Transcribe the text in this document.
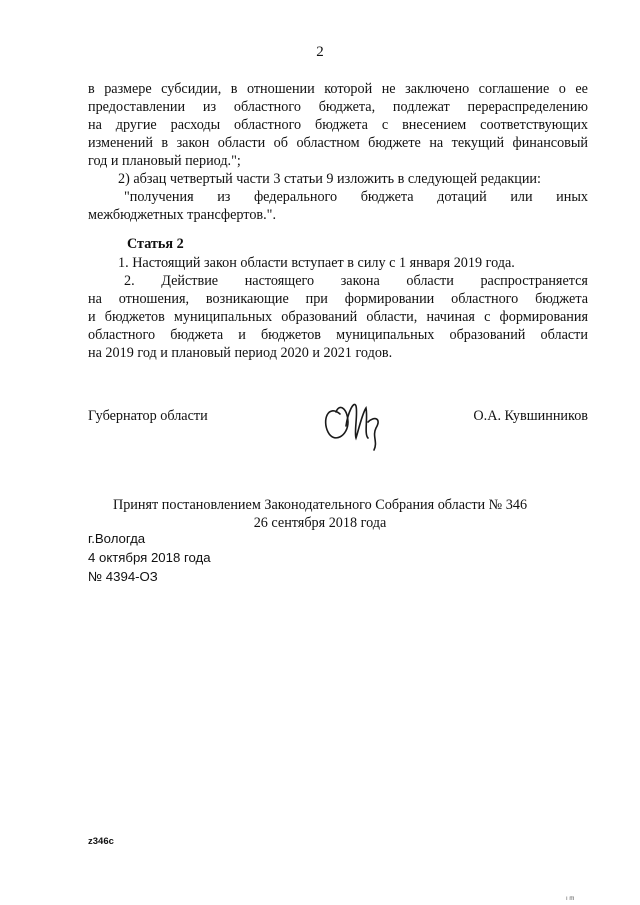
2

в размере субсидии, в отношении которой не заключено соглашение о ее

предоставлении из областного бюджета, подлежат перераспределению

на другие расходы областного бюджета с внесением соответствующих

изменений в закон области об областном бюджете на текущий финансовый

год и плановый период.";

2) абзац четвертый части 3 статьи 9 изложить в следующей редакции:

"получения из федерального бюджета дотаций или иных

межбюджетных трансфертов.".

Статья 2

1. Настоящий закон области вступает в силу с 1 января 2019 года.

2. Действие настоящего закона области распространяется

на отношения, возникающие при формировании областного бюджета

и бюджетов муниципальных образований области, начиная с формирования

областного бюджета и бюджетов муниципальных образований области

на 2019 год и плановый период 2020 и 2021 годов.

Губернатор области	О.А. Кувшинников

Принят постановлением Законодательного Собрания области № 346

26 сентября 2018 года

г.Вологда
4 октября 2018 года
№ 4394-ОЗ
z346с
ı m
